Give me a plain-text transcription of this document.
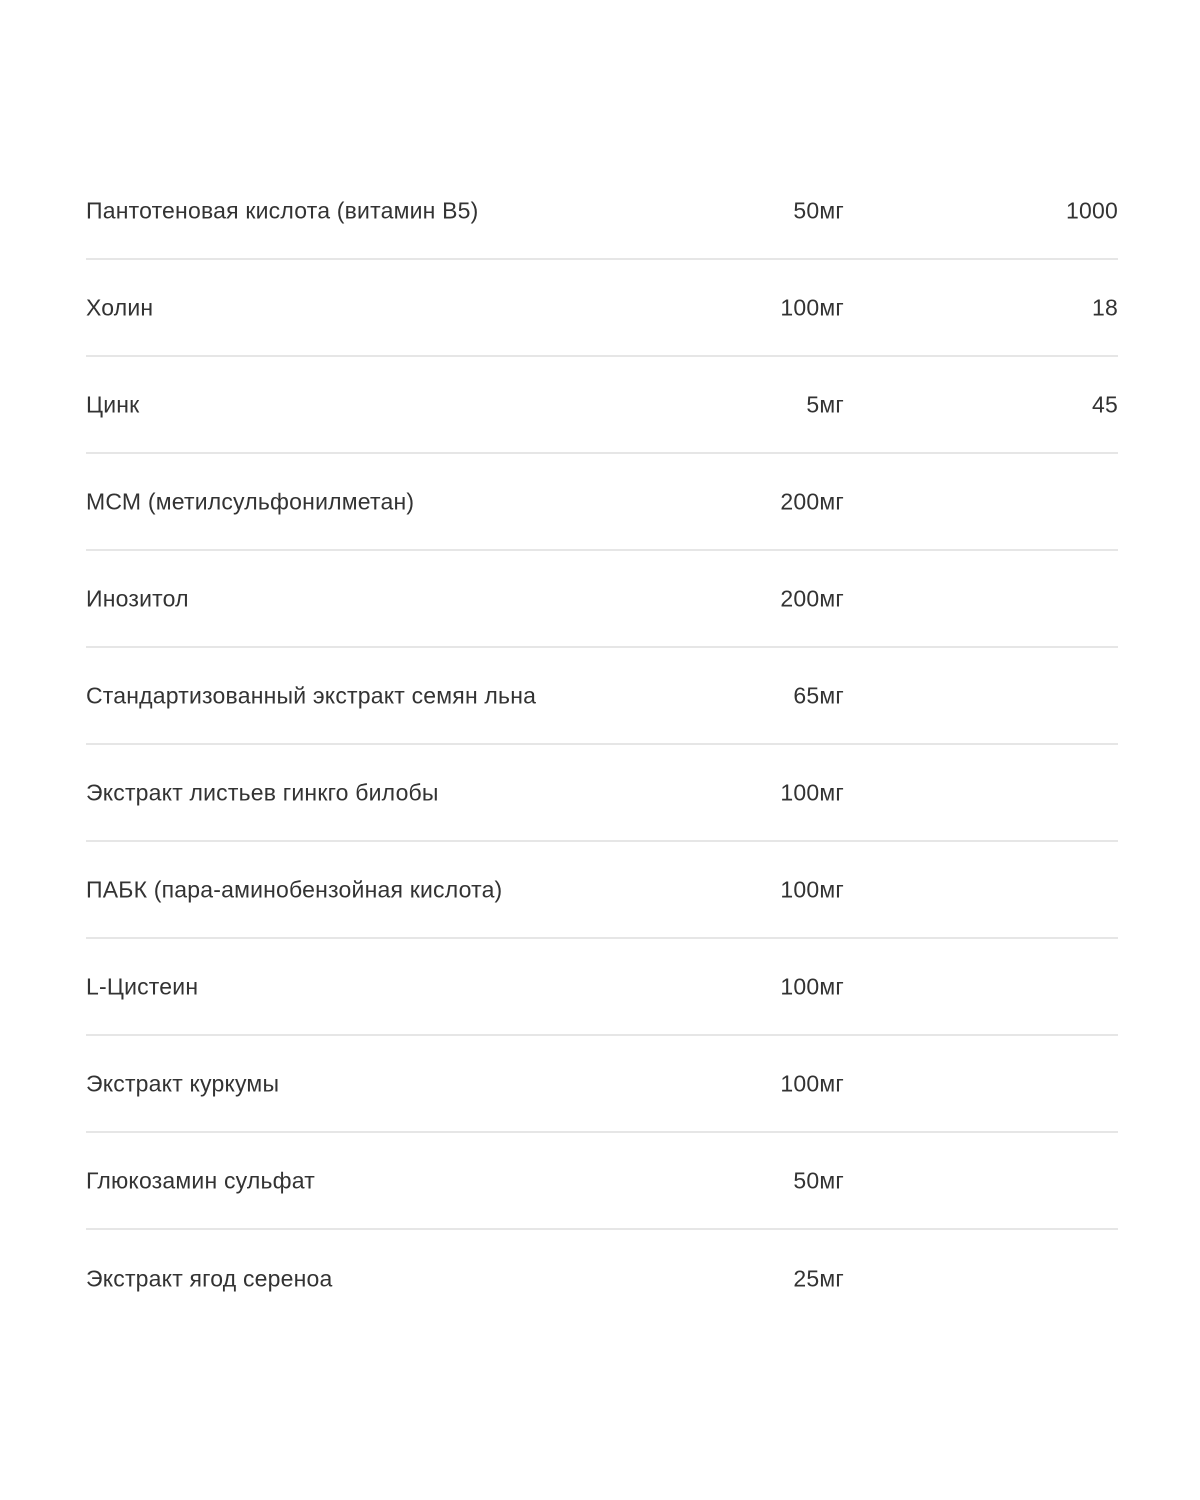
Пантотеновая кислота (витамин B5)	50мг	1000
Холин	100мг	18
Цинк	5мг	45
МСМ (метилсульфонилметан)	200мг
Инозитол	200мг
Стандартизованный экстракт семян льна	65мг
Экстракт листьев гинкго билобы	100мг
ПАБК (пара-аминобензойная кислота)	100мг
L-Цистеин	100мг
Экстракт куркумы	100мг
Глюкозамин сульфат	50мг
Экстракт ягод сереноа	25мг
